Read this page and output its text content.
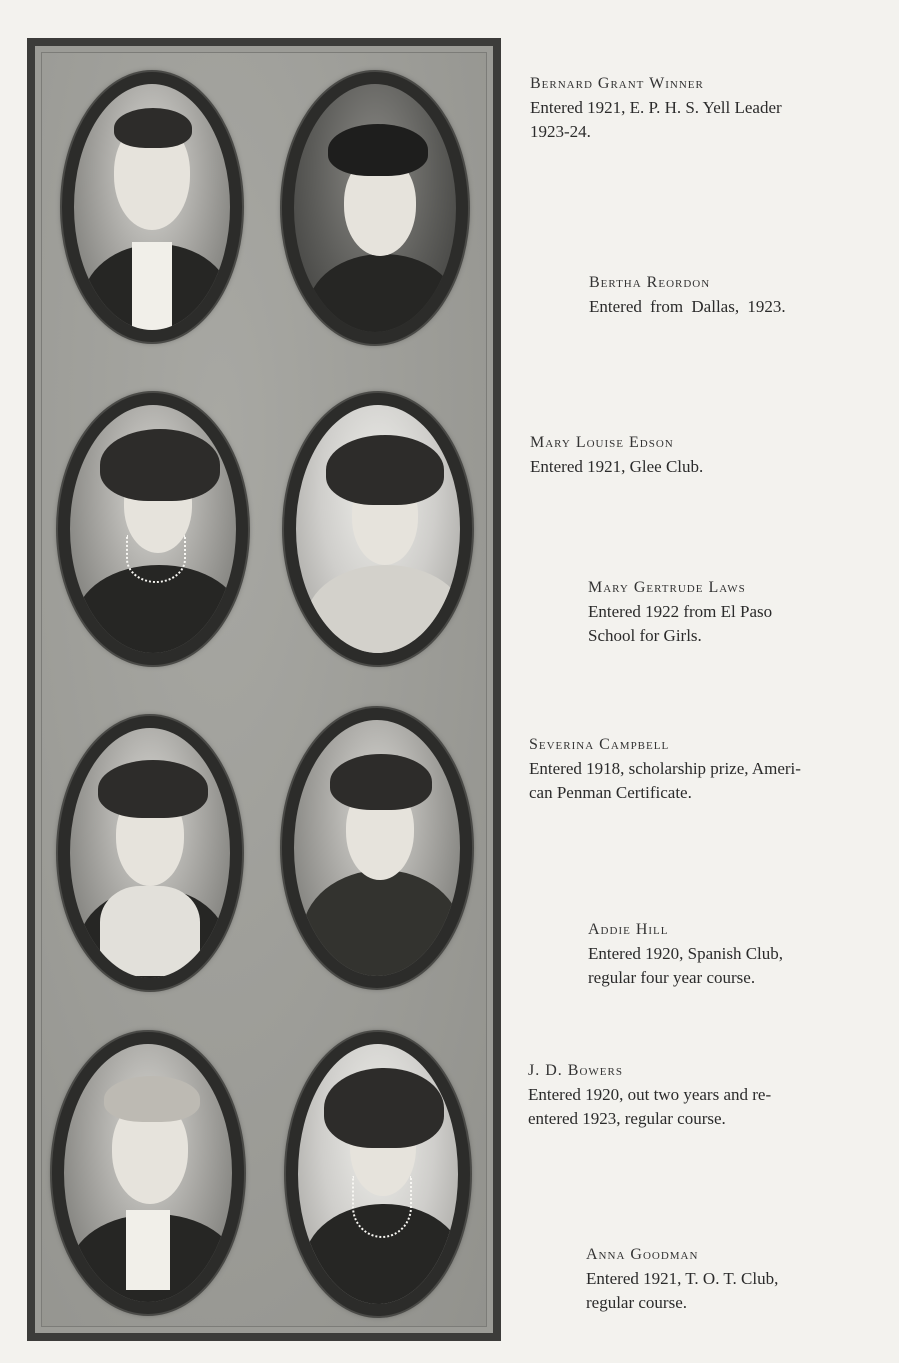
Bernard Grant Winner
Entered 1921, E. P. H. S. Yell Leader
1923-24.
Bertha Reordon
Entered from Dallas, 1923.
Mary Louise Edson
Entered 1921, Glee Club.
Mary Gertrude Laws
Entered 1922 from El Paso
School for Girls.
Severina Campbell
Entered 1918, scholarship prize, Ameri-
can Penman Certificate.
Addie Hill
Entered 1920, Spanish Club,
regular four year course.
J. D. Bowers
Entered 1920, out two years and re-
entered 1923, regular course.
Anna Goodman
Entered 1921, T. O. T. Club,
regular course.
